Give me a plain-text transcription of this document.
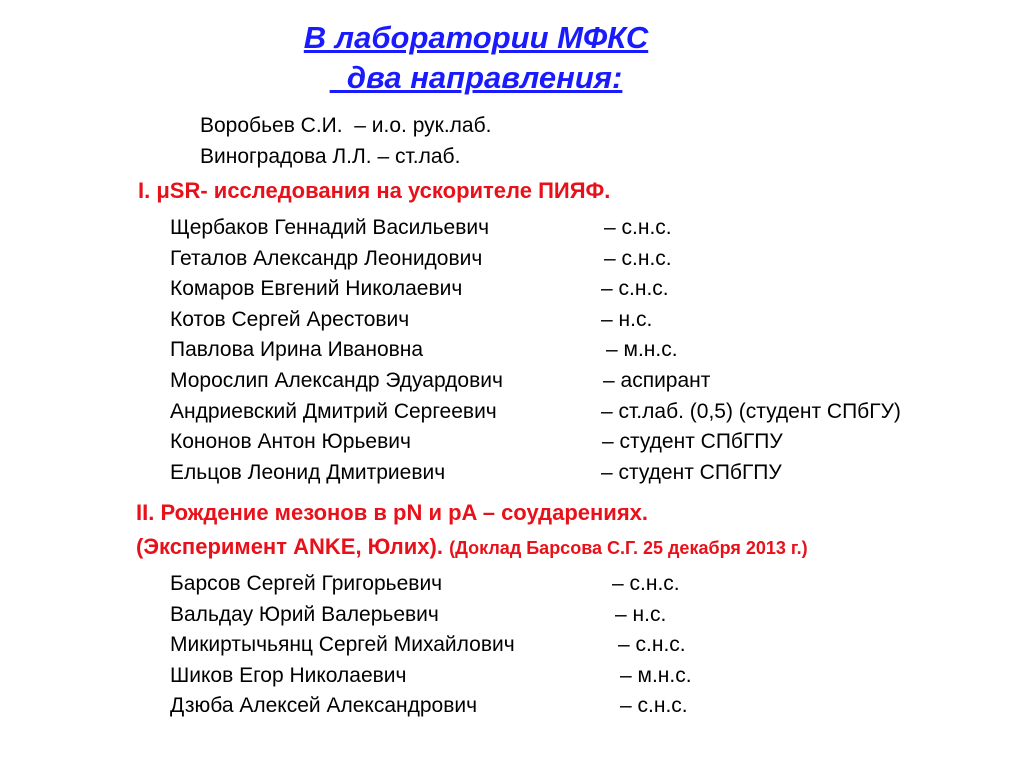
В лаборатории МФКС
два направления:
Воробьев С.И.  – и.о. рук.лаб.
Виноградова Л.Л. – ст.лаб.
I. μSR- исследования на ускорителе ПИЯФ.
Щербаков Геннадий Васильевич	– с.н.с.
Геталов Александр Леонидович	– с.н.с.
Комаров Евгений Николаевич	– с.н.с.
Котов Сергей Арестович	– н.с.
Павлова Ирина Ивановна	– м.н.с.
Морослип Александр Эдуардович	– аспирант
Андриевский Дмитрий Сергеевич	– ст.лаб. (0,5) (студент СПбГУ)
Кононов Антон Юрьевич	– студент СПбГПУ
Ельцов Леонид Дмитриевич	– студент СПбГПУ
II. Рождение мезонов в pN и pA – соударениях.
(Эксперимент ANKE, Юлих). (Доклад Барсова С.Г. 25 декабря 2013 г.)
Барсов Сергей Григорьевич	– с.н.с.
Вальдау Юрий Валерьевич	– н.с.
Микиртычьянц Сергей Михайлович	– с.н.с.
Шиков Егор Николаевич	– м.н.с.
Дзюба Алексей Александрович	– с.н.с.
